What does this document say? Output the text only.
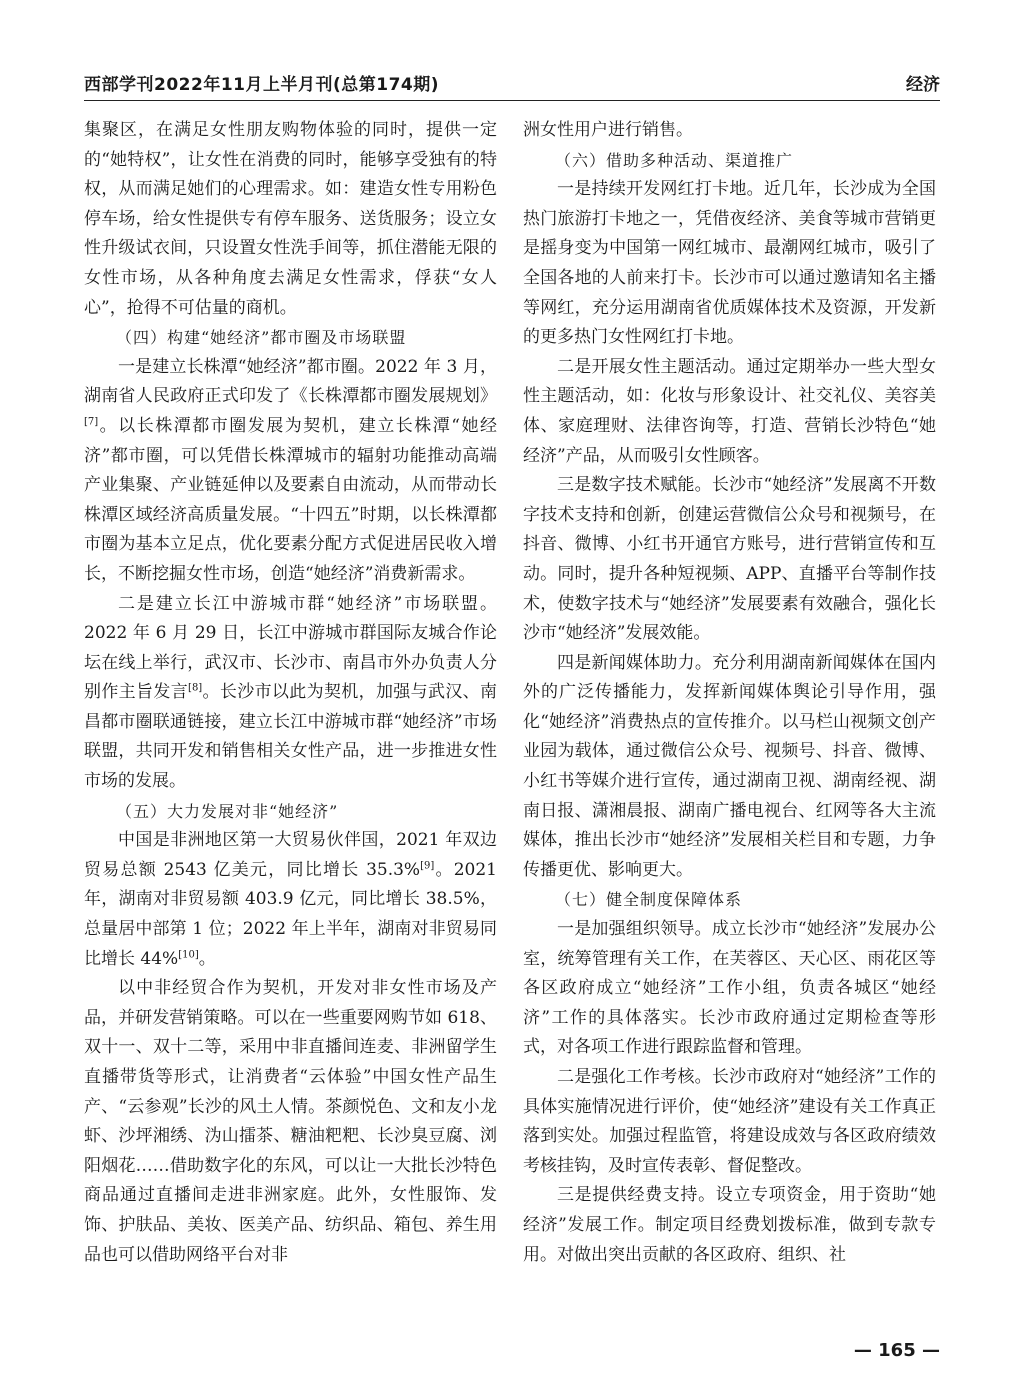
西部学刊2022年11月上半月刊(总第174期)	经济

集聚区，在满足女性朋友购物体验的同时，提供一定的“她特权”，让女性在消费的同时，能够享受独有的特权，从而满足她们的心理需求。如：建造女性专用粉色停车场，给女性提供专有停车服务、送货服务；设立女性升级试衣间，只设置女性洗手间等，抓住潜能无限的女性市场，从各种角度去满足女性需求，俘获“女人心”，抢得不可估量的商机。

（四）构建“她经济”都市圈及市场联盟

一是建立长株潭“她经济”都市圈。2022 年 3 月，湖南省人民政府正式印发了《长株潭都市圈发展规划》[7]。以长株潭都市圈发展为契机，建立长株潭“她经济”都市圈，可以凭借长株潭城市的辐射功能推动高端产业集聚、产业链延伸以及要素自由流动，从而带动长株潭区域经济高质量发展。“十四五”时期，以长株潭都市圈为基本立足点，优化要素分配方式促进居民收入增长，不断挖掘女性市场，创造“她经济”消费新需求。

二是建立长江中游城市群“她经济”市场联盟。2022 年 6 月 29 日，长江中游城市群国际友城合作论坛在线上举行，武汉市、长沙市、南昌市外办负责人分别作主旨发言[8]。长沙市以此为契机，加强与武汉、南昌都市圈联通链接，建立长江中游城市群“她经济”市场联盟，共同开发和销售相关女性产品，进一步推进女性市场的发展。

（五）大力发展对非“她经济”

中国是非洲地区第一大贸易伙伴国，2021 年双边贸易总额 2543 亿美元，同比增长 35.3%[9]。2021 年，湖南对非贸易额 403.9 亿元，同比增长 38.5%，总量居中部第 1 位；2022 年上半年，湖南对非贸易同比增长 44%[10]。

以中非经贸合作为契机，开发对非女性市场及产品，并研发营销策略。可以在一些重要网购节如 618、双十一、双十二等，采用中非直播间连麦、非洲留学生直播带货等形式，让消费者“云体验”中国女性产品生产、“云参观”长沙的风土人情。茶颜悦色、文和友小龙虾、沙坪湘绣、沩山擂茶、糖油粑粑、长沙臭豆腐、浏阳烟花……借助数字化的东风，可以让一大批长沙特色商品通过直播间走进非洲家庭。此外，女性服饰、发饰、护肤品、美妆、医美产品、纺织品、箱包、养生用品也可以借助网络平台对非

洲女性用户进行销售。

（六）借助多种活动、渠道推广

一是持续开发网红打卡地。近几年，长沙成为全国热门旅游打卡地之一，凭借夜经济、美食等城市营销更是摇身变为中国第一网红城市、最潮网红城市，吸引了全国各地的人前来打卡。长沙市可以通过邀请知名主播等网红，充分运用湖南省优质媒体技术及资源，开发新的更多热门女性网红打卡地。

二是开展女性主题活动。通过定期举办一些大型女性主题活动，如：化妆与形象设计、社交礼仪、美容美体、家庭理财、法律咨询等，打造、营销长沙特色“她经济”产品，从而吸引女性顾客。

三是数字技术赋能。长沙市“她经济”发展离不开数字技术支持和创新，创建运营微信公众号和视频号，在抖音、微博、小红书开通官方账号，进行营销宣传和互动。同时，提升各种短视频、APP、直播平台等制作技术，使数字技术与“她经济”发展要素有效融合，强化长沙市“她经济”发展效能。

四是新闻媒体助力。充分利用湖南新闻媒体在国内外的广泛传播能力，发挥新闻媒体舆论引导作用，强化“她经济”消费热点的宣传推介。以马栏山视频文创产业园为载体，通过微信公众号、视频号、抖音、微博、小红书等媒介进行宣传，通过湖南卫视、湖南经视、湖南日报、潇湘晨报、湖南广播电视台、红网等各大主流媒体，推出长沙市“她经济”发展相关栏目和专题，力争传播更优、影响更大。

（七）健全制度保障体系

一是加强组织领导。成立长沙市“她经济”发展办公室，统筹管理有关工作，在芙蓉区、天心区、雨花区等各区政府成立“她经济”工作小组，负责各城区“她经济”工作的具体落实。长沙市政府通过定期检查等形式，对各项工作进行跟踪监督和管理。

二是强化工作考核。长沙市政府对“她经济”工作的具体实施情况进行评价，使“她经济”建设有关工作真正落到实处。加强过程监管，将建设成效与各区政府绩效考核挂钩，及时宣传表彰、督促整改。

三是提供经费支持。设立专项资金，用于资助“她经济”发展工作。制定项目经费划拨标准，做到专款专用。对做出突出贡献的各区政府、组织、社

— 165 —
